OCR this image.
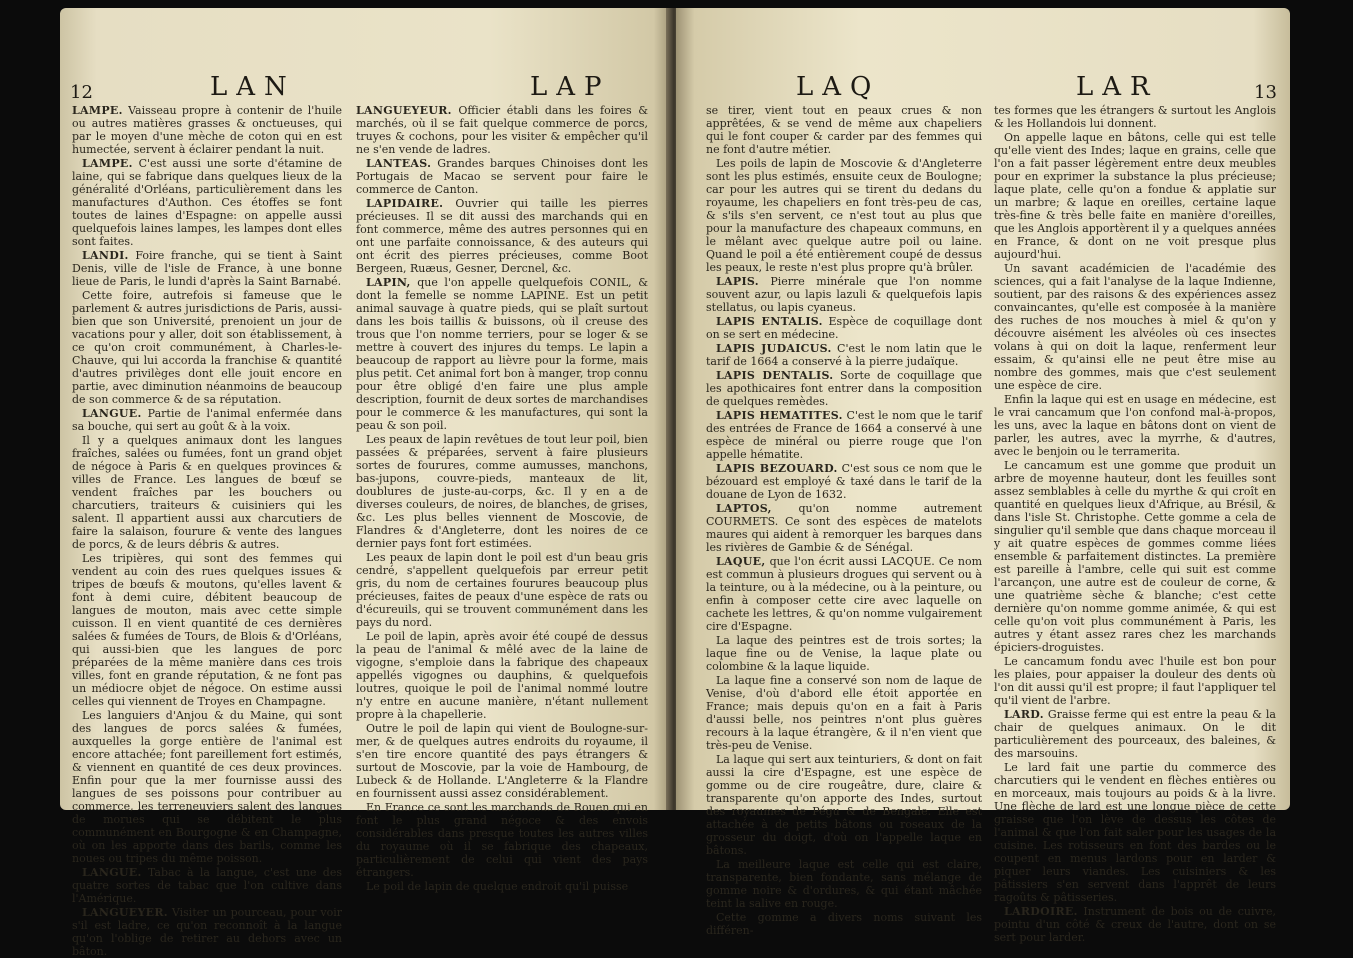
12	LAN	LAP

LAMPE. Vaisseau propre à contenir de l'huile ou autres matières grasses & onctueuses, qui par le moyen d'une mèche de coton qui en est humectée, servent à éclairer pendant la nuit.

LAMPE. C'est aussi une sorte d'étamine de laine, qui se fabrique dans quelques lieux de la généralité d'Orléans, particulièrement dans les manufactures d'Authon. Ces étoffes se font toutes de laines d'Espagne: on appelle aussi quelquefois laines lampes, les lampes dont elles sont faites.

LANDI. Foire franche, qui se tient à Saint Denis, ville de l'isle de France, à une bonne lieue de Paris, le lundi d'après la Saint Barnabé.

Cette foire, autrefois si fameuse que le parlement & autres jurisdictions de Paris, aussi-bien que son Université, prenoient un jour de vacations pour y aller, doit son établissement, à ce qu'on croit communément, à Charles-le-Chauve, qui lui accorda la franchise & quantité d'autres privilèges dont elle jouit encore en partie, avec diminution néanmoins de beaucoup de son commerce & de sa réputation.

LANGUE. Partie de l'animal enfermée dans sa bouche, qui sert au goût & à la voix.

Il y a quelques animaux dont les langues fraîches, salées ou fumées, font un grand objet de négoce à Paris & en quelques provinces & villes de France. Les langues de bœuf se vendent fraîches par les bouchers ou charcutiers, traiteurs & cuisiniers qui les salent. Il appartient aussi aux charcutiers de faire la salaison, fourure & vente des langues de porcs, & de leurs débris & autres.

Les tripières, qui sont des femmes qui vendent au coin des rues quelques issues & tripes de bœufs & moutons, qu'elles lavent & font à demi cuire, débitent beaucoup de langues de mouton, mais avec cette simple cuisson. Il en vient quantité de ces dernières salées & fumées de Tours, de Blois & d'Orléans, qui aussi-bien que les langues de porc préparées de la même manière dans ces trois villes, font en grande réputation, & ne font pas un médiocre objet de négoce. On estime aussi celles qui viennent de Troyes en Champagne.

Les languiers d'Anjou & du Maine, qui sont des langues de porcs salées & fumées, auxquelles la gorge entière de l'animal est encore attachée; font pareillement fort estimés, & viennent en quantité de ces deux provinces. Enfin pour que la mer fournisse aussi des langues de ses poissons pour contribuer au commerce, les terreneuviers salent des langues de morues qui se débitent le plus communément en Bourgogne & en Champagne, où on les apporte dans des barils, comme les noues ou tripes du même poisson.

LANGUE. Tabac à la langue, c'est une des quatre sortes de tabac que l'on cultive dans l'Amérique.

LANGUEYER. Visiter un pourceau, pour voir s'il est ladre, ce qu'on reconnoît à la langue qu'on l'oblige de retirer au dehors avec un bâton.

LANGUEYEUR. Officier établi dans les foires & marchés, où il se fait quelque commerce de porcs, truyes & cochons, pour les visiter & empêcher qu'il ne s'en vende de ladres.

LANTEAS. Grandes barques Chinoises dont les Portugais de Macao se servent pour faire le commerce de Canton.

LAPIDAIRE. Ouvrier qui taille les pierres précieuses. Il se dit aussi des marchands qui en font commerce, même des autres personnes qui en ont une parfaite connoissance, & des auteurs qui ont écrit des pierres précieuses, comme Boot Bergeen, Ruæus, Gesner, Dercnel, &c.

LAPIN, que l'on appelle quelquefois CONIL, & dont la femelle se nomme LAPINE. Est un petit animal sauvage à quatre pieds, qui se plaît surtout dans les bois taillis & buissons, où il creuse des trous que l'on nomme terriers, pour se loger & se mettre à couvert des injures du temps. Le lapin a beaucoup de rapport au lièvre pour la forme, mais plus petit. Cet animal fort bon à manger, trop connu pour être obligé d'en faire une plus ample description, fournit de deux sortes de marchandises pour le commerce & les manufactures, qui sont la peau & son poil.

Les peaux de lapin revêtues de tout leur poil, bien passées & préparées, servent à faire plusieurs sortes de fourures, comme aumusses, manchons, bas-jupons, couvre-pieds, manteaux de lit, doublures de juste-au-corps, &c. Il y en a de diverses couleurs, de noires, de blanches, de grises, &c. Les plus belles viennent de Moscovie, de Flandres & d'Angleterre, dont les noires de ce dernier pays font fort estimées.

Les peaux de lapin dont le poil est d'un beau gris cendré, s'appellent quelquefois par erreur petit gris, du nom de certaines fourures beaucoup plus précieuses, faites de peaux d'une espèce de rats ou d'écureuils, qui se trouvent communément dans les pays du nord.

Le poil de lapin, après avoir été coupé de dessus la peau de l'animal & mêlé avec de la laine de vigogne, s'emploie dans la fabrique des chapeaux appellés vigognes ou dauphins, & quelquefois loutres, quoique le poil de l'animal nommé loutre n'y entre en aucune manière, n'étant nullement propre à la chapellerie.

Outre le poil de lapin qui vient de Boulogne-sur-mer, & de quelques autres endroits du royaume, il s'en tire encore quantité des pays étrangers & surtout de Moscovie, par la voie de Hambourg, de Lubeck & de Hollande. L'Angleterre & la Flandre en fournissent aussi assez considérablement.

En France ce sont les marchands de Rouen qui en font le plus grand négoce & des envois considérables dans presque toutes les autres villes du royaume où il se fabrique des chapeaux, particulièrement de celui qui vient des pays étrangers.

Le poil de lapin de quelque endroit qu'il puisse

LAQ	LAR	13

se tirer, vient tout en peaux crues & non apprêtées, & se vend de même aux chapeliers qui le font couper & carder par des femmes qui ne font d'autre métier.

Les poils de lapin de Moscovie & d'Angleterre sont les plus estimés, ensuite ceux de Boulogne; car pour les autres qui se tirent du dedans du royaume, les chapeliers en font très-peu de cas, & s'ils s'en servent, ce n'est tout au plus que pour la manufacture des chapeaux communs, en le mêlant avec quelque autre poil ou laine. Quand le poil a été entièrement coupé de dessus les peaux, le reste n'est plus propre qu'à brûler.

LAPIS. Pierre minérale que l'on nomme souvent azur, ou lapis lazuli & quelquefois lapis stellatus, ou lapis cyaneus.

LAPIS ENTALIS. Espèce de coquillage dont on se sert en médecine.

LAPIS JUDAICUS. C'est le nom latin que le tarif de 1664 a conservé à la pierre judaïque.

LAPIS DENTALIS. Sorte de coquillage que les apothicaires font entrer dans la composition de quelques remèdes.

LAPIS HEMATITES. C'est le nom que le tarif des entrées de France de 1664 a conservé à une espèce de minéral ou pierre rouge que l'on appelle hématite.

LAPIS BEZOUARD. C'est sous ce nom que le bézouard est employé & taxé dans le tarif de la douane de Lyon de 1632.

LAPTOS, qu'on nomme autrement COURMETS. Ce sont des espèces de matelots maures qui aident à remorquer les barques dans les rivières de Gambie & de Sénégal.

LAQUE, que l'on écrit aussi LACQUE. Ce nom est commun à plusieurs drogues qui servent ou à la teinture, ou à la médecine, ou à la peinture, ou enfin à composer cette cire avec laquelle on cachete les lettres, & qu'on nomme vulgairement cire d'Espagne.

La laque des peintres est de trois sortes; la laque fine ou de Venise, la laque plate ou colombine & la laque liquide.

La laque fine a conservé son nom de laque de Venise, d'où d'abord elle étoit apportée en France; mais depuis qu'on en a fait à Paris d'aussi belle, nos peintres n'ont plus guères recours à la laque étrangère, & il n'en vient que très-peu de Venise.

La laque qui sert aux teinturiers, & dont on fait aussi la cire d'Espagne, est une espèce de gomme ou de cire rougeâtre, dure, claire & transparente qu'on apporte des Indes, surtout des royaumes de Pégu & de Bengale. Elle est attachée à de petits bâtons ou roseaux de la grosseur du doigt, d'où on l'appelle laque en bâtons.

La meilleure laque est celle qui est claire, transparente, bien fondante, sans mélange de gomme noire & d'ordures, & qui étant mâchée teint la salive en rouge.

Cette gomme a divers noms suivant les différen-

tes formes que les étrangers & surtout les Anglois & les Hollandois lui donnent.

On appelle laque en bâtons, celle qui est telle qu'elle vient des Indes; laque en grains, celle que l'on a fait passer légèrement entre deux meubles pour en exprimer la substance la plus précieuse; laque plate, celle qu'on a fondue & applatie sur un marbre; & laque en oreilles, certaine laque très-fine & très belle faite en manière d'oreilles, que les Anglois apportèrent il y a quelques années en France, & dont on ne voit presque plus aujourd'hui.

Un savant académicien de l'académie des sciences, qui a fait l'analyse de la laque Indienne, soutient, par des raisons & des expériences assez convaincantes, qu'elle est composée à la manière des ruches de nos mouches à miel & qu'on y découvre aisément les alvéoles où ces insectes volans à qui on doit la laque, renferment leur essaim, & qu'ainsi elle ne peut être mise au nombre des gommes, mais que c'est seulement une espèce de cire.

Enfin la laque qui est en usage en médecine, est le vrai cancamum que l'on confond mal-à-propos, les uns, avec la laque en bâtons dont on vient de parler, les autres, avec la myrrhe, & d'autres, avec le benjoin ou le terramerita.

Le cancamum est une gomme que produit un arbre de moyenne hauteur, dont les feuilles sont assez semblables à celle du myrthe & qui croît en quantité en quelques lieux d'Afrique, au Brésil, & dans l'isle St. Christophe. Cette gomme a cela de singulier qu'il semble que dans chaque morceau il y ait quatre espèces de gommes comme liées ensemble & parfaitement distinctes. La première est pareille à l'ambre, celle qui suit est comme l'arcançon, une autre est de couleur de corne, & une quatrième sèche & blanche; c'est cette dernière qu'on nomme gomme animée, & qui est celle qu'on voit plus communément à Paris, les autres y étant assez rares chez les marchands épiciers-droguistes.

Le cancamum fondu avec l'huile est bon pour les plaies, pour appaiser la douleur des dents où l'on dit aussi qu'il est propre; il faut l'appliquer tel qu'il vient de l'arbre.

LARD. Graisse ferme qui est entre la peau & la chair de quelques animaux. On le dit particulièrement des pourceaux, des baleines, & des marsouins.

Le lard fait une partie du commerce des charcutiers qui le vendent en flèches entières ou en morceaux, mais toujours au poids & à la livre. Une flèche de lard est une longue pièce de cette graisse que l'on lève de dessus les côtes de l'animal & que l'on fait saler pour les usages de la cuisine. Les rotisseurs en font des bardes ou le coupent en menus lardons pour en larder & piquer leurs viandes. Les cuisiniers & les pâtissiers s'en servent dans l'apprêt de leurs ragoûts & pâtisseries.

LARDOIRE. Instrument de bois ou de cuivre, pointu d'un côté & creux de l'autre, dont on se sert pour larder.
